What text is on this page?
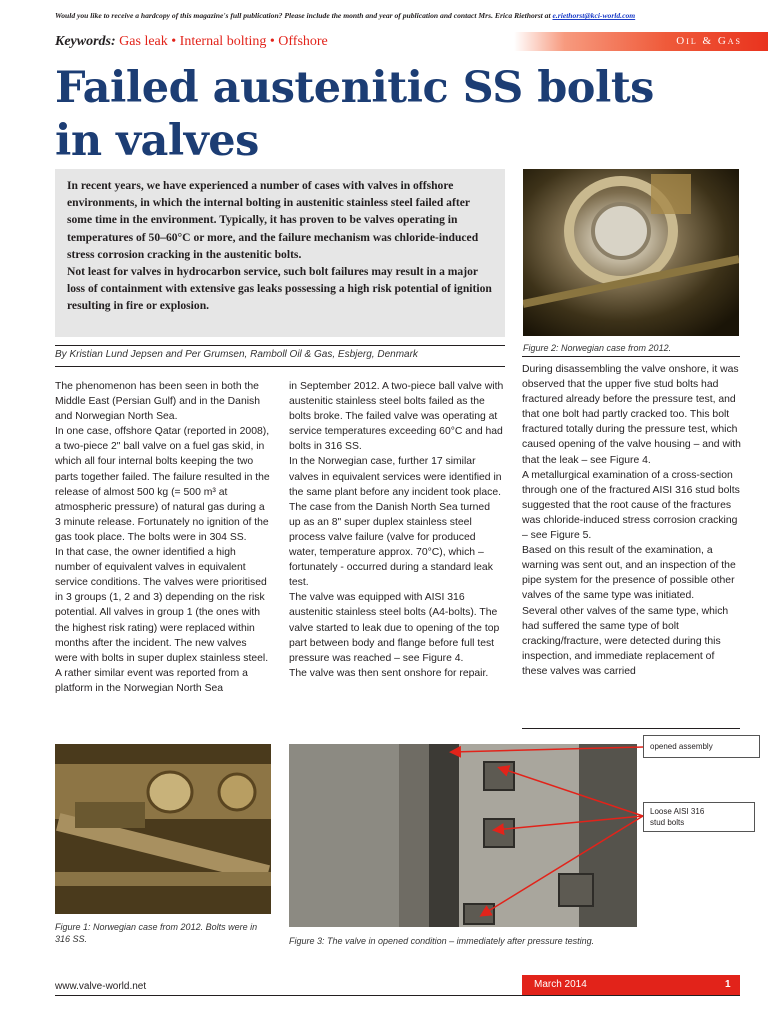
Would you like to receive a hardcopy of this magazine's full publication? Please include the month and year of publication and contact Mrs. Erica Riethorst at e.riethorst@kci-world.com
Keywords: Gas leak • Internal bolting • Offshore	Oil & Gas
Failed austenitic SS bolts
in valves

In recent years, we have experienced a number of cases with valves in offshore environments, in which the internal bolting in austenitic stainless steel failed after some time in the environment. Typically, it has proven to be valves operating in temperatures of 50–60°C or more, and the failure mechanism was chloride-induced stress corrosion cracking in the austenitic bolts.

Not least for valves in hydrocarbon service, such bolt failures may result in a major loss of containment with extensive gas leaks possessing a high risk potential of ignition resulting in fire or explosion.

By Kristian Lund Jepsen and Per Grumsen, Ramboll Oil & Gas, Esbjerg, Denmark
Figure 2: Norwegian case from 2012.

The phenomenon has been seen in both the Middle East (Persian Gulf) and in the Danish and Norwegian North Sea.

In one case, offshore Qatar (reported in 2008), a two-piece 2" ball valve on a fuel gas skid, in which all four internal bolts keeping the two parts together failed. The failure resulted in the release of almost 500 kg (= 500 m³ at atmospheric pressure) of natural gas during a 3 minute release. Fortunately no ignition of the gas took place. The bolts were in 304 SS.

In that case, the owner identified a high number of equivalent valves in equivalent service conditions. The valves were prioritised in 3 groups (1, 2 and 3) depending on the risk potential. All valves in group 1 (the ones with the highest risk rating) were replaced within months after the incident. The new valves were with bolts in super duplex stainless steel.

A rather similar event was reported from a platform in the Norwegian North Sea

in September 2012. A two-piece ball valve with austenitic stainless steel bolts failed as the bolts broke. The failed valve was operating at service temperatures exceeding 60°C and had bolts in 316 SS.

In the Norwegian case, further 17 similar valves in equivalent services were identified in the same plant before any incident took place.

The case from the Danish North Sea turned up as an 8" super duplex stainless steel process valve failure (valve for produced water, temperature approx. 70°C), which – fortunately - occurred during a standard leak test.

The valve was equipped with AISI 316 austenitic stainless steel bolts (A4-bolts). The valve started to leak due to opening of the top part between body and flange before full test pressure was reached – see Figure 4.

The valve was then sent onshore for repair.

During disassembling the valve onshore, it was observed that the upper five stud bolts had fractured already before the pressure test, and that one bolt had partly cracked too. This bolt fractured totally during the pressure test, which caused opening of the valve housing – and with that the leak – see Figure 4.

A metallurgical examination of a cross-section through one of the fractured AISI 316 stud bolts suggested that the root cause of the fractures was chloride-induced stress corrosion cracking – see Figure 5.

Based on this result of the examination, a warning was sent out, and an inspection of the pipe system for the presence of possible other valves of the same type was initiated.

Several other valves of the same type, which had suffered the same type of bolt cracking/fracture, were detected during this inspection, and immediate replacement of these valves was carried

Figure 1: Norwegian case from 2012. Bolts were in 316 SS.	Figure 3: The valve in opened condition – immediately after pressure testing.
opened assembly
Loose AISI 316
stud bolts
www.valve-world.net	March 2014	1
